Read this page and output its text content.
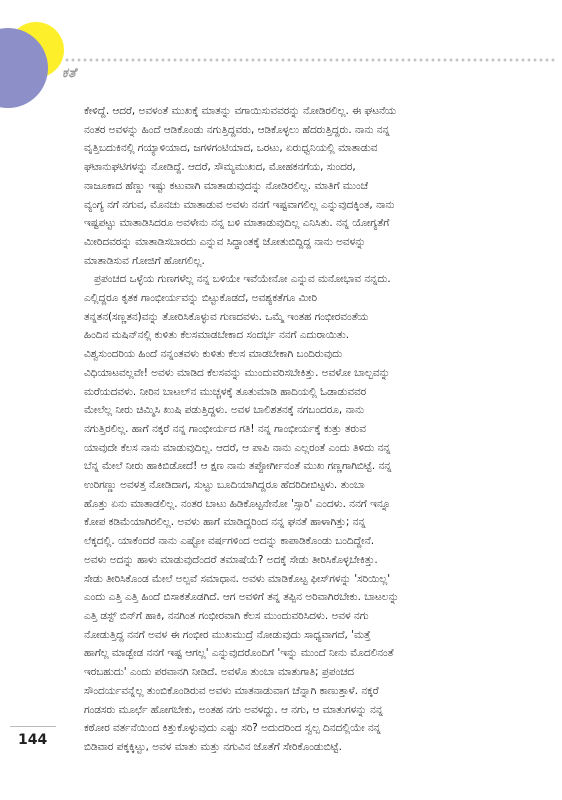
ಕತೆ

ಕೇಳಿದ್ದೆ. ಆದರೆ, ಅವಳಂತೆ ಮುಖಕ್ಕೆ ಮಾತನ್ನು ವಗಾಯಿಸುವವರನ್ನು ನೋಡಿರಲಿಲ್ಲ. ಈ ಘಟನೆಯ

ನಂತರ ಅವಳನ್ನು ಹಿಂದೆ ಆಡಿಕೊಂಡು ನಗುತ್ತಿದ್ದವರು, ಆಡಿಕೊಳ್ಳಲು ಹೆದರುತ್ತಿದ್ದರು. ನಾನು ನನ್ನ

ವೃತ್ತಿಬದುಕಿನಲ್ಲಿ ಗಯ್ಯಾಳಿಯಾದ, ಜಗಳಗಂಟಿಯಾದ, ಒರಟು, ಏರುಧ್ವನಿಯಲ್ಲಿ ಮಾತಾಡುವ

ಘಟಾನುಘಟಿಗಳನ್ನು ನೋಡಿದ್ದೆ. ಆದರೆ, ಸೌಮ್ಯಮುಖದ, ಮೋಹಕನಗೆಯ, ಸುಂದರ,

ನಾಜೂಕಾದ ಹೆಣ್ಣು ಇಷ್ಟು ಕಟುವಾಗಿ ಮಾತಾಡುವುದನ್ನು ನೋಡಿರಲಿಲ್ಲ. ಮಾತಿಗೆ ಮುಂಚೆ

ವ್ಯಂಗ್ಯ ನಗೆ ನಗುವ, ಮೊನಚು ಮಾತಾಡುವ ಅವಳು ನನಗೆ ಇಷ್ಟವಾಗಲಿಲ್ಲ ಎನ್ನುವುದಕ್ಕಿಂತ, ನಾನು

ಇಷ್ಟಪಟ್ಟು ಮಾತಾಡಿಸಿದರೂ ಅವಳೇನು ನನ್ನ ಬಳಿ ಮಾತಾಡುವುದಿಲ್ಲ ಎನಿಸಿತು. ನನ್ನ ಯೋಗ್ಯತೆಗೆ

ಮೀರಿದವರನ್ನು ಮಾತಾಡಿಸಬಾರದು ಎನ್ನುವ ಸಿದ್ಧಾಂತಕ್ಕೆ ಜೋತುಬಿದ್ದಿದ್ದ ನಾನು ಅವಳನ್ನು

ಮಾತಾಡಿಸುವ ಗೋಜಿಗೆ ಹೋಗಲಿಲ್ಲ.

ಪ್ರಪಂಚದ ಒಳ್ಳೆಯ ಗುಣಗಳೆಲ್ಲ ನನ್ನ ಬಳಿಯೇ ಇವೆಯೇನೋ ಎನ್ನುವ ಮನೋಭಾವ ನನ್ನದು.

ಎಲ್ಲಿದ್ದರೂ ಕೃತಕ ಗಾಂಭೀರ್ಯವನ್ನು ಬಿಟ್ಟುಕೊಡದೆ, ಅವಶ್ಯಕತೆಗೂ ಮೀರಿ

ತನ್ನತನ(ಸಣ್ಣತನ)ವನ್ನು ತೋರಿಸಿಕೊಳ್ಳುವ ಗುಣದವಳು. ಒಮ್ಮೆ ಇಂತಹ ಗಂಭೀರವಂತೆಯ

ಹಿಂದಿನ ಮಷಿನ್‌ನಲ್ಲಿ ಕುಳಿತು ಕೆಲಸಮಾಡಬೇಕಾದ ಸಂದರ್ಭ ನನಗೆ ಎದುರಾಯಿತು.

ವಿಶ್ವಸುಂದರಿಯ ಹಿಂದೆ ನನ್ನಂತವಳು ಕುಳಿತು ಕೆಲಸ ಮಾಡಬೇಕಾಗಿ ಬಂದಿರುವುದು

ವಿಧಿಯಾಟವಲ್ಲವೇ! ಅವಳು ಮಾಡಿದ ಕೆಲಸವನ್ನು ಮುಂದುವರಿಸಬೇಕಿತ್ತು. ಅವಳೋ ಬಾಲ್ಬವನ್ನು

ಮರೆಯದವಳು. ನೀರಿನ ಬಾಟಲ್‌ನ ಮುಚ್ಚಳಕ್ಕೆ ತೂತುಮಾಡಿ ಹಾದಿಯಲ್ಲಿ ಓಡಾಡುವವರ

ಮೇಲೆಲ್ಲ ನೀರು ಚಿಮ್ಮಿಸಿ ಖುಷಿ ಪಡುತ್ತಿದ್ದಳು. ಅವಳ ಬಾಲಿಶತನಕ್ಕೆ ನಗಬಂದರೂ, ನಾನು

ನಗುತ್ತಿರಲಿಲ್ಲ. ಹಾಗೆ ನಕ್ಕರೆ ನನ್ನ ಗಾಂಭೀರ್ಯದ ಗತಿ! ನನ್ನ ಗಾಂಭೀರ್ಯಕ್ಕೆ ಕುತ್ತು ತರುವ

ಯಾವುದೇ ಕೆಲಸ ನಾನು ಮಾಡುವುದಿಲ್ಲ. ಆದರೆ, ಆ ಪಾಪಿ ನಾನು ಎಲ್ಲರಂತೆ ಎಂದು ತಿಳಿದು ನನ್ನ

ಬೆನ್ನ ಮೇಲೆ ನೀರು ಹಾಕಿಬಿಡೋದೆ! ಆ ಕ್ಷಣ ನಾನು ತಪ್ಪೋರ್ಗೀನಂತೆ ಮುಖ ಗಣ್ಣಗಾಗಿಬಿಟ್ಟೆ. ನನ್ನ

ಉರಿಗಣ್ಣು ಅವಳತ್ತ ನೋಡಿದಾಗ, ಸುಟ್ಟು ಬೂದಿಯಾಗಿದ್ದರೂ ಹೆದರಿದೀಬಿಟ್ಟಳು. ತುಂಬಾ

ಹೊತ್ತು ಏನು ಮಾತಾಡಲಿಲ್ಲ. ನಂತರ ಬಾಟು ಹಿಡಿಕೊಟ್ಟನೇನೋ 'ಸ್ಸಾರಿ' ಎಂದಳು. ನನಗೆ ಇನ್ನೂ

ಕೋಪ ಕಡಿಮೆಯಾಗಿರಲಿಲ್ಲ. ಅವಳು ಹಾಗೆ ಮಾಡಿದ್ದರಿಂದ ನನ್ನ ಘನತೆ ಹಾಳಾಗಿತ್ತು; ನನ್ನ

ಲೆಕ್ಕದಲ್ಲಿ. ಯಾಕೆಂದರೆ ನಾನು ಎಷ್ಟೋ ವರ್ಷಗಳಿಂದ ಅದನ್ನು ಕಾಪಾಡಿಕೊಂಡು ಬಂದಿದ್ದೇನೆ.

ಅವಳು ಅದನ್ನು ಹಾಳು ಮಾಡುವುದೆಂದರೆ ತಮಾಷೆಯೆ? ಅದಕ್ಕೆ ಸೇಡು ತೀರಿಸಿಕೊಳ್ಳಬೇಕಿತ್ತು.

ಸೇಡು ತೀರಿಸಿಕೊಂಡ ಮೇಲೆ ಅಲ್ಪವೆ ಸಮಾಧಾನ. ಅವಳು ಮಾಡಿಕೊಟ್ಟ ಫೀಸ್‌ಗಳನ್ನು 'ಸರಿಯಿಲ್ಲ'

ಎಂದು ಎತ್ತಿ ಎತ್ತಿ ಹಿಂದೆ ಬಿಸಾಕತೊಡಗಿದೆ. ಆಗ ಅವಳಿಗೆ ತನ್ನ ತಪ್ಪಿನ ಅರಿವಾಗಿರಬೇಕು. ಬಾಟಲನ್ನು

ಎತ್ತಿ ಡಸ್ಟ್ ಬಿನ್‌ಗೆ ಹಾಕಿ, ನನಗಿಂತ ಗಂಭೀರವಾಗಿ ಕೆಲಸ ಮುಂದುವರಿಸಿದಳು. ಅವಳ ನಗು

ನೋಡುತ್ತಿದ್ದ ನನಗೆ ಅವಳ ಈ ಗಂಭೀರ ಮುಖಮುದ್ರೆ ನೋಡುವುದು ಸಾಧ್ಯವಾಗದೆ, 'ಮತ್ತೆ

ಹಾಗೆಲ್ಲ ಮಾಡ್ಬೇಡ ನನಗೆ ಇಷ್ಟ ಆಗಲ್ಲ' ಎನ್ನುವುದರೊಂದಿಗೆ 'ಇನ್ನು ಮುಂದೆ ನೀನು ಮೊದಲಿನಂತೆ

ಇರಬಹುದು' ಎಂದು ಪರವಾನಗಿ ನೀಡಿದೆ. ಅವಳೊ ತುಂಬಾ ಮಾತುಗಾತಿ; ಪ್ರಪಂಚದ

ಸೌಂದರ್ಯವನ್ನೆಲ್ಲ ತುಂಬಿಕೊಂಡಿರುವ ಅವಳು ಮಾತನಾಡುವಾಗ ಚೆನ್ನಾಗಿ ಕಾಣುತ್ತಾಳೆ. ನಕ್ಕರೆ

ಗಂಡಸರು ಮೂರ್ಛೆ ಹೋಗಬೇಕು, ಅಂತಹ ನಗು ಅವಳದ್ದು. ಆ ನಗು, ಆ ಮಾತುಗಳನ್ನು ನನ್ನ

ಕಠೋರ ವರ್ತನೆಯಿಂದ ಕಿತ್ತುಕೊಳ್ಳುವುದು ಎಷ್ಟು ಸರಿ? ಅದುದರಿಂದ ಸ್ವಲ್ಪ ದಿನದಲ್ಲಿಯೇ ನನ್ನ

ಬಿಡಿವಾರ ಪಕ್ಕಕ್ಕಿಟ್ಟು, ಅವಳ ಮಾತು ಮತ್ತು ನಗುವಿನ ಜೊತೆಗೆ ಸೇರಿಕೊಂಡುಬಿಟ್ಟೆ.

144
